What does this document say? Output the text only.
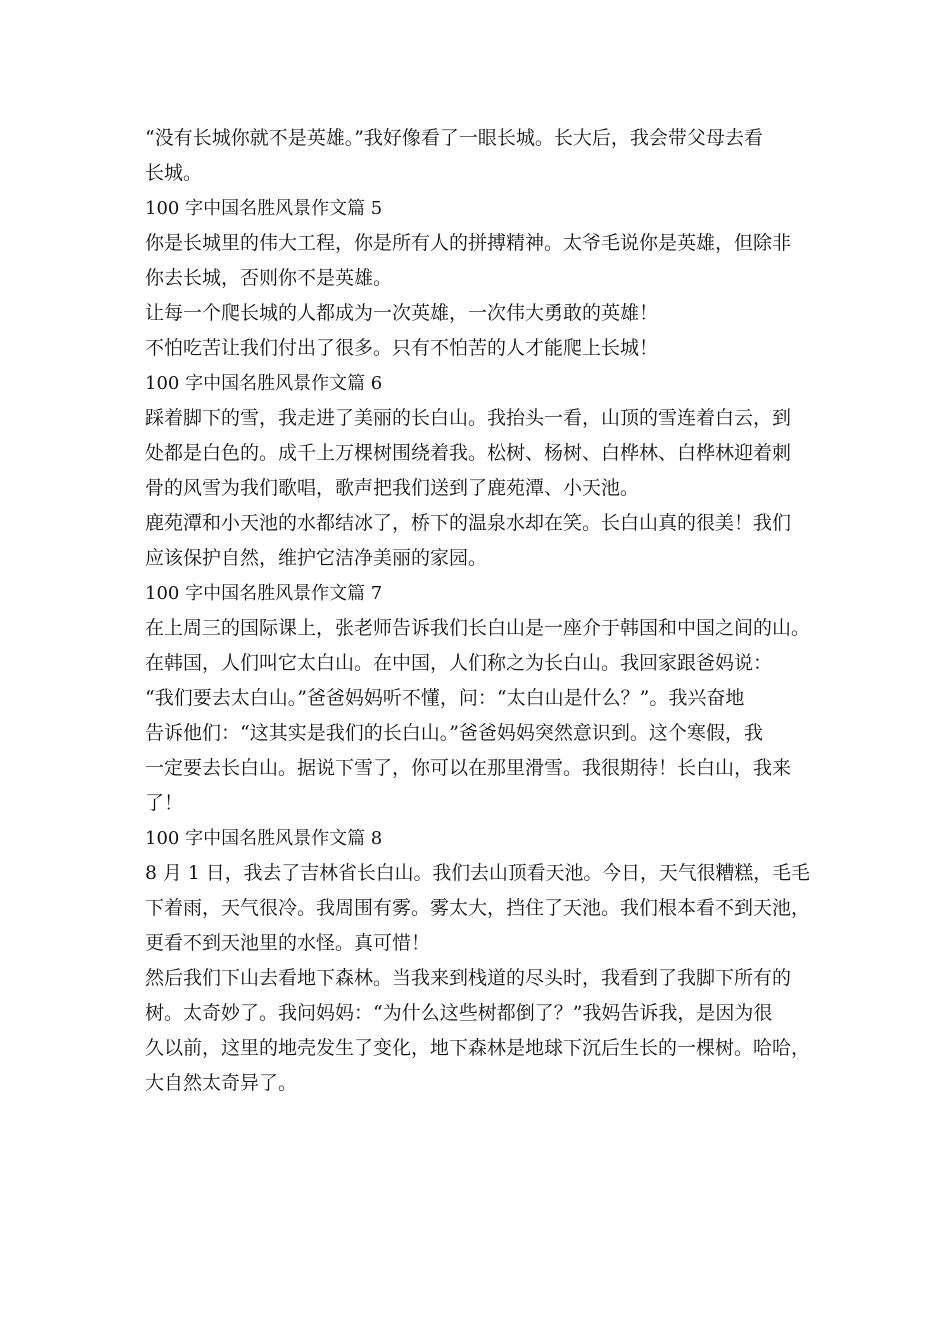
“没有长城你就不是英雄。”我好像看了一眼长城。长大后，我会带父母去看
长城。
100 字中国名胜风景作文篇 5
你是长城里的伟大工程，你是所有人的拼搏精神。太爷毛说你是英雄，但除非
你去长城，否则你不是英雄。
让每一个爬长城的人都成为一次英雄，一次伟大勇敢的英雄！
不怕吃苦让我们付出了很多。只有不怕苦的人才能爬上长城！
100 字中国名胜风景作文篇 6
踩着脚下的雪，我走进了美丽的长白山。我抬头一看，山顶的雪连着白云，到
处都是白色的。成千上万棵树围绕着我。松树、杨树、白桦林、白桦林迎着刺
骨的风雪为我们歌唱，歌声把我们送到了鹿苑潭、小天池。
鹿苑潭和小天池的水都结冰了，桥下的温泉水却在笑。长白山真的很美！我们
应该保护自然，维护它洁净美丽的家园。
100 字中国名胜风景作文篇 7
在上周三的国际课上，张老师告诉我们长白山是一座介于韩国和中国之间的山。
在韩国，人们叫它太白山。在中国，人们称之为长白山。我回家跟爸妈说：
“我们要去太白山。”爸爸妈妈听不懂，问：“太白山是什么？”。我兴奋地
告诉他们：“这其实是我们的长白山。”爸爸妈妈突然意识到。这个寒假，我
一定要去长白山。据说下雪了，你可以在那里滑雪。我很期待！长白山，我来
了！
100 字中国名胜风景作文篇 8
8 月 1 日，我去了吉林省长白山。我们去山顶看天池。今日，天气很糟糕，毛毛
下着雨，天气很冷。我周围有雾。雾太大，挡住了天池。我们根本看不到天池，
更看不到天池里的水怪。真可惜！
然后我们下山去看地下森林。当我来到栈道的尽头时，我看到了我脚下所有的
树。太奇妙了。我问妈妈：“为什么这些树都倒了？”我妈告诉我，是因为很
久以前，这里的地壳发生了变化，地下森林是地球下沉后生长的一棵树。哈哈，
大自然太奇异了。
